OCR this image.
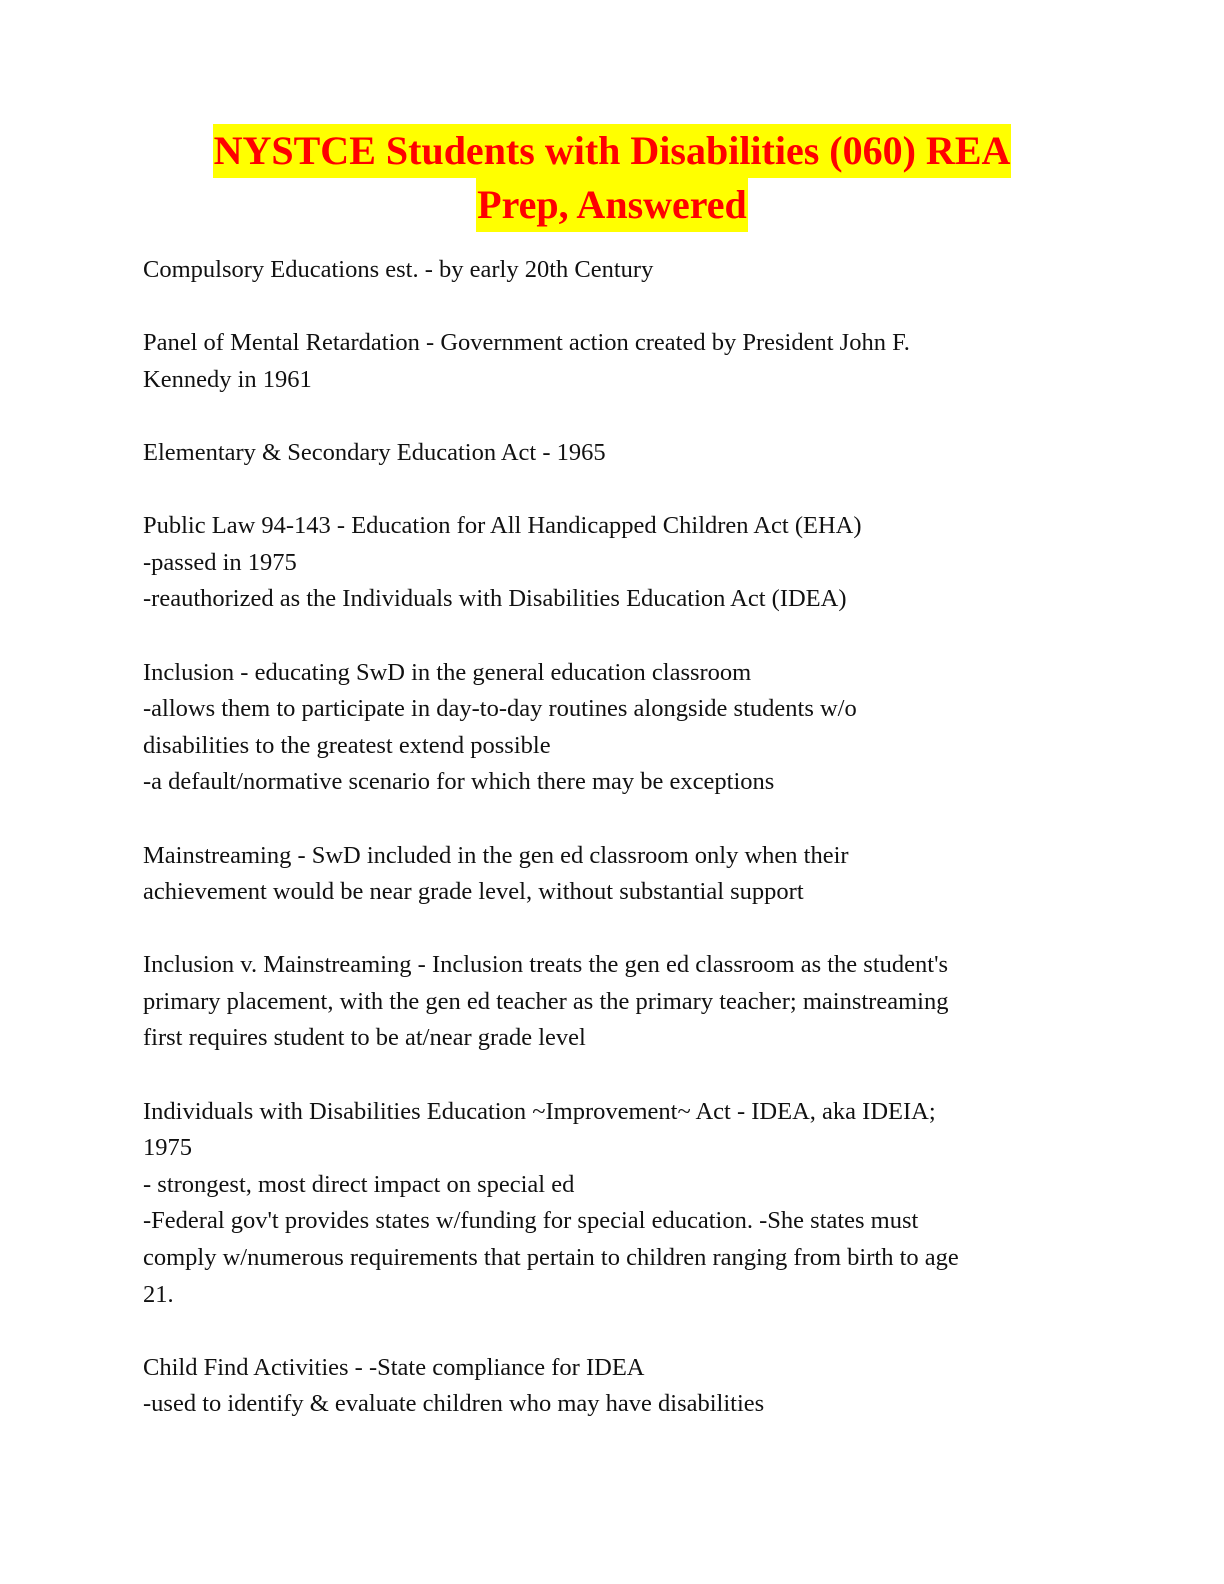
NYSTCE Students with Disabilities (060) REA
Prep, Answered
Compulsory Educations est. - by early 20th Century
Panel of Mental Retardation - Government action created by President John F.
Kennedy in 1961
Elementary & Secondary Education Act - 1965
Public Law 94-143 - Education for All Handicapped Children Act (EHA)
-passed in 1975
-reauthorized as the Individuals with Disabilities Education Act (IDEA)
Inclusion - educating SwD in the general education classroom
-allows them to participate in day-to-day routines alongside students w/o
disabilities to the greatest extend possible
-a default/normative scenario for which there may be exceptions
Mainstreaming - SwD included in the gen ed classroom only when their
achievement would be near grade level, without substantial support
Inclusion v. Mainstreaming - Inclusion treats the gen ed classroom as the student's
primary placement, with the gen ed teacher as the primary teacher; mainstreaming
first requires student to be at/near grade level
Individuals with Disabilities Education ~Improvement~ Act - IDEA, aka IDEIA;
1975
- strongest, most direct impact on special ed
-Federal gov't provides states w/funding for special education. -She states must
comply w/numerous requirements that pertain to children ranging from birth to age
21.
Child Find Activities - -State compliance for IDEA
-used to identify & evaluate children who may have disabilities
